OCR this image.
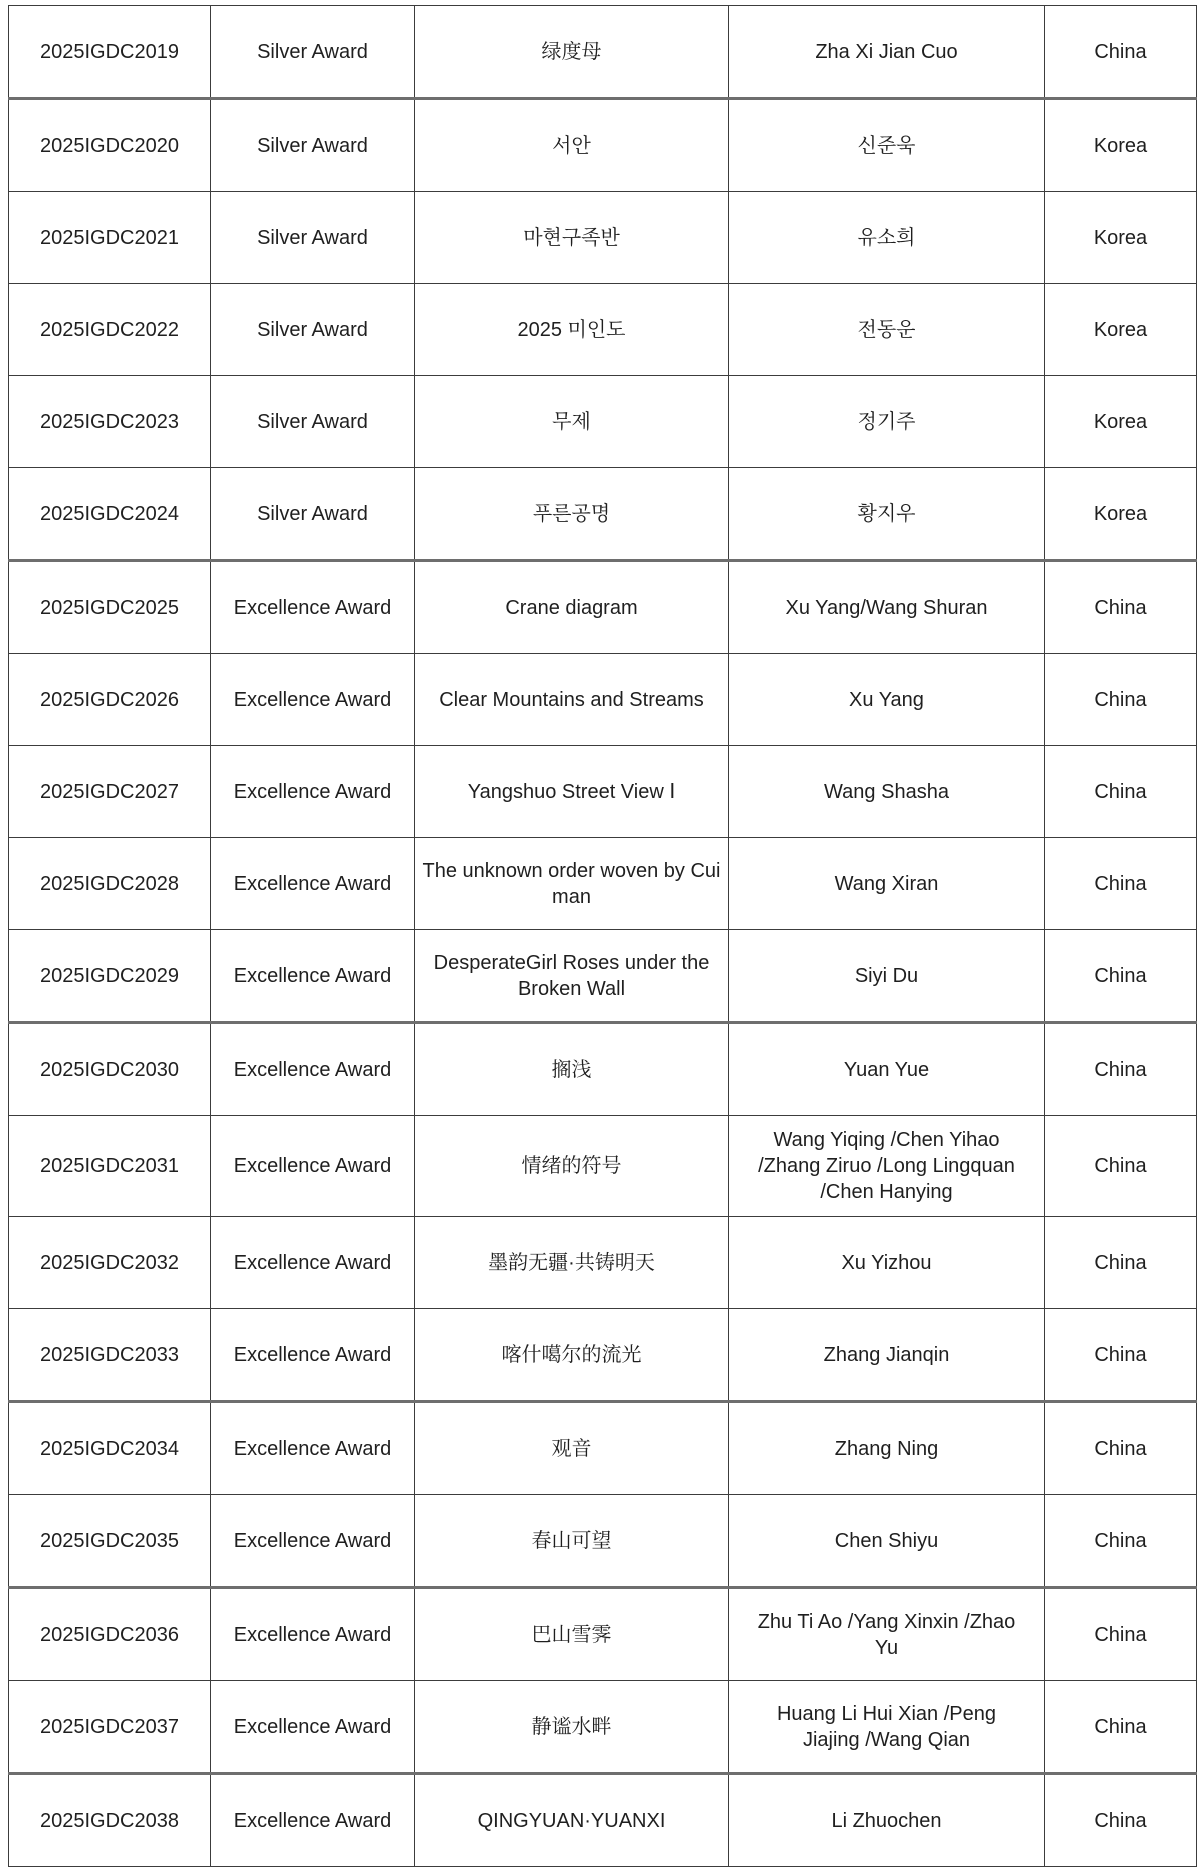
2025IGDC2019	Silver Award	绿度母	Zha Xi Jian Cuo	China
2025IGDC2020	Silver Award	서안	신준욱	Korea
2025IGDC2021	Silver Award	마현구족반	유소희	Korea
2025IGDC2022	Silver Award	2025 미인도	전동운	Korea
2025IGDC2023	Silver Award	무제	정기주	Korea
2025IGDC2024	Silver Award	푸른공명	황지우	Korea
2025IGDC2025	Excellence Award	Crane diagram	Xu Yang/Wang Shuran	China
2025IGDC2026	Excellence Award	Clear Mountains and Streams	Xu Yang	China
2025IGDC2027	Excellence Award	Yangshuo Street View Ⅰ	Wang Shasha	China
2025IGDC2028	Excellence Award	The unknown order woven by Cui man	Wang Xiran	China
2025IGDC2029	Excellence Award	DesperateGirl Roses under the Broken Wall	Siyi Du	China
2025IGDC2030	Excellence Award	搁浅	Yuan Yue	China
2025IGDC2031	Excellence Award	情绪的符号	Wang Yiqing /Chen Yihao /Zhang Ziruo /Long Lingquan /Chen Hanying	China
2025IGDC2032	Excellence Award	墨韵无疆·共铸明天	Xu Yizhou	China
2025IGDC2033	Excellence Award	喀什噶尔的流光	Zhang Jianqin	China
2025IGDC2034	Excellence Award	观音	Zhang Ning	China
2025IGDC2035	Excellence Award	春山可望	Chen Shiyu	China
2025IGDC2036	Excellence Award	巴山雪霁	Zhu Ti Ao /Yang Xinxin /Zhao Yu	China
2025IGDC2037	Excellence Award	静谧水畔	Huang Li Hui Xian /Peng Jiajing /Wang Qian	China
2025IGDC2038	Excellence Award	QINGYUAN·YUANXI	Li Zhuochen	China
